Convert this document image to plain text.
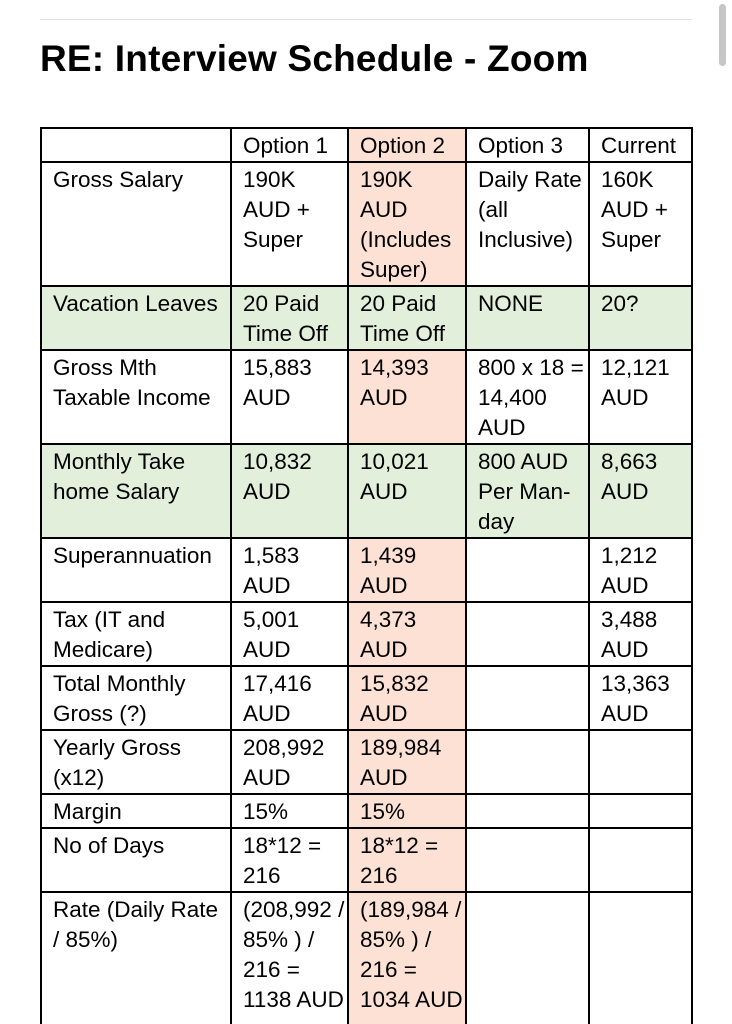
RE: Interview Schedule - Zoom
	Option 1	Option 2	Option 3	Current
Gross Salary	190K AUD + Super	190K AUD (Includes Super)	Daily Rate (all Inclusive)	160K AUD + Super
Vacation Leaves	20 Paid Time Off	20 Paid Time Off	NONE	20?
Gross Mth Taxable Income	15,883 AUD	14,393 AUD	800 x 18 = 14,400 AUD	12,121 AUD
Monthly Take home Salary	10,832 AUD	10,021 AUD	800 AUD Per Man-day	8,663 AUD
Superannuation	1,583 AUD	1,439 AUD		1,212 AUD
Tax (IT and Medicare)	5,001 AUD	4,373 AUD		3,488 AUD
Total Monthly Gross (?)	17,416 AUD	15,832 AUD		13,363 AUD
Yearly Gross (x12)	208,992 AUD	189,984 AUD		
Margin	15%	15%		
No of Days	18*12 = 216	18*12 = 216		
Rate (Daily Rate / 85%)	(208,992 / 85% ) / 216 = 1138 AUD	(189,984 / 85% ) / 216 = 1034 AUD		
